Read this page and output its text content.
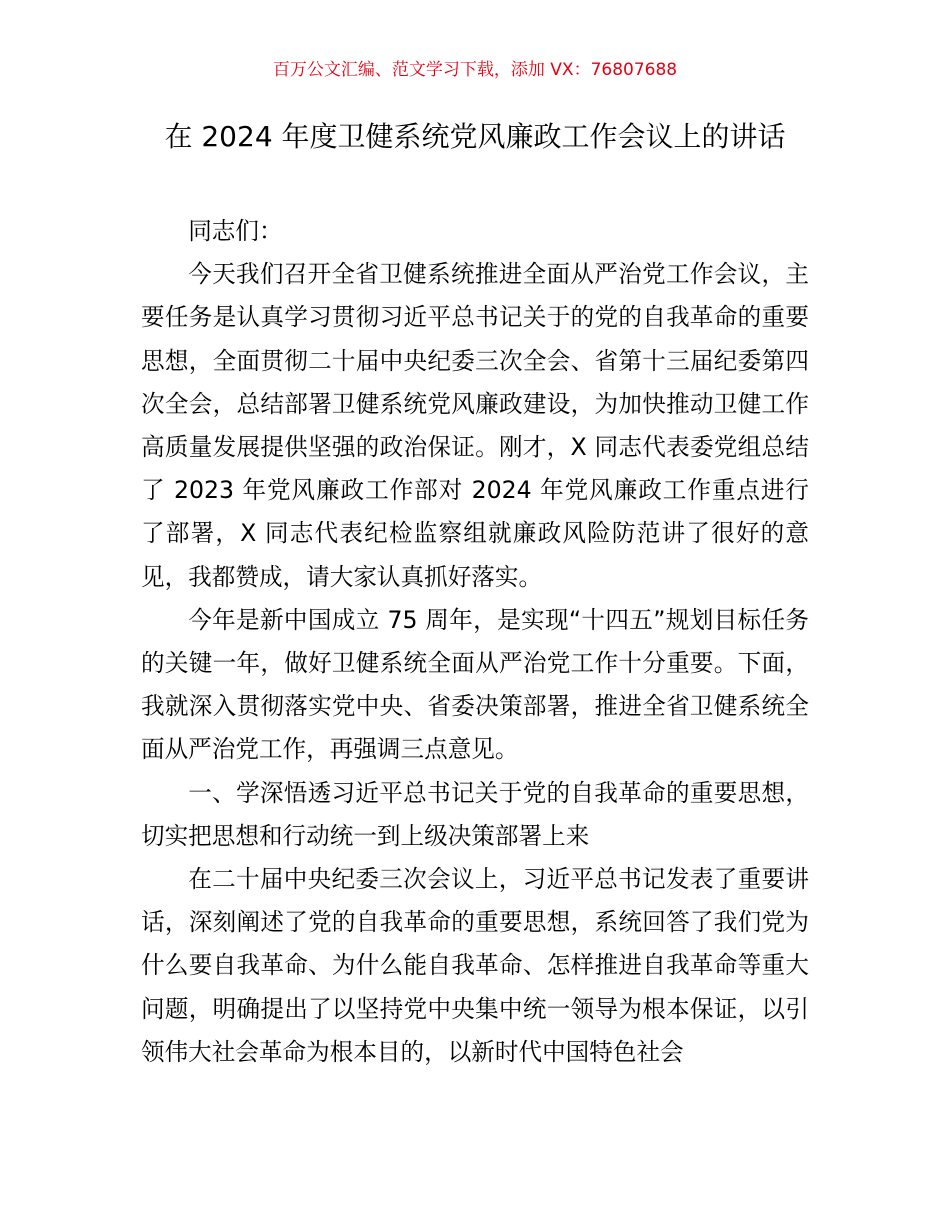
百万公文汇编、范文学习下载，添加 VX：76807688
在 2024 年度卫健系统党风廉政工作会议上的讲话

同志们：

今天我们召开全省卫健系统推进全面从严治党工作会议，主要任务是认真学习贯彻习近平总书记关于的党的自我革命的重要思想，全面贯彻二十届中央纪委三次全会、省第十三届纪委第四次全会，总结部署卫健系统党风廉政建设，为加快推动卫健工作高质量发展提供坚强的政治保证。刚才，X 同志代表委党组总结了 2023 年党风廉政工作部对 2024 年党风廉政工作重点进行了部署，X 同志代表纪检监察组就廉政风险防范讲了很好的意见，我都赞成，请大家认真抓好落实。

今年是新中国成立 75 周年，是实现“十四五”规划目标任务的关键一年，做好卫健系统全面从严治党工作十分重要。下面，我就深入贯彻落实党中央、省委决策部署，推进全省卫健系统全面从严治党工作，再强调三点意见。

一、学深悟透习近平总书记关于党的自我革命的重要思想，切实把思想和行动统一到上级决策部署上来

在二十届中央纪委三次会议上，习近平总书记发表了重要讲话，深刻阐述了党的自我革命的重要思想，系统回答了我们党为什么要自我革命、为什么能自我革命、怎样推进自我革命等重大问题，明确提出了以坚持党中央集中统一领导为根本保证，以引领伟大社会革命为根本目的，以新时代中国特色社会
